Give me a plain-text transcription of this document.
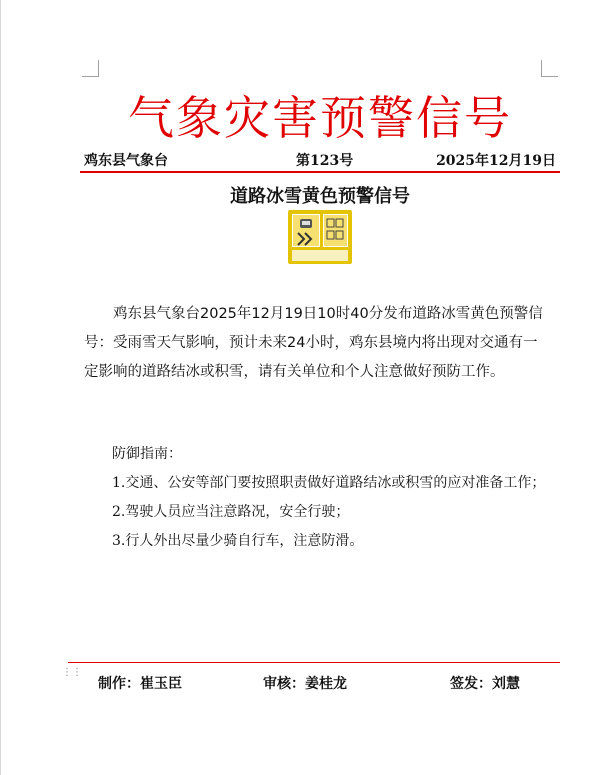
气象灾害预警信号
鸡东县气象台	第123号	2025年12月19日
道路冰雪黄色预警信号
鸡东县气象台2025年12月19日10时40分发布道路冰雪黄色预警信号：受雨雪天气影响，预计未来24小时，鸡东县境内将出现对交通有一定影响的道路结冰或积雪，请有关单位和个人注意做好预防工作。

防御指南：

1.交通、公安等部门要按照职责做好道路结冰或积雪的应对准备工作；

2.驾驶人员应当注意路况，安全行驶；

3.行人外出尽量少骑自行车，注意防滑。

⋮⋮
制作：崔玉臣	审核：姜桂龙	签发：刘慧
